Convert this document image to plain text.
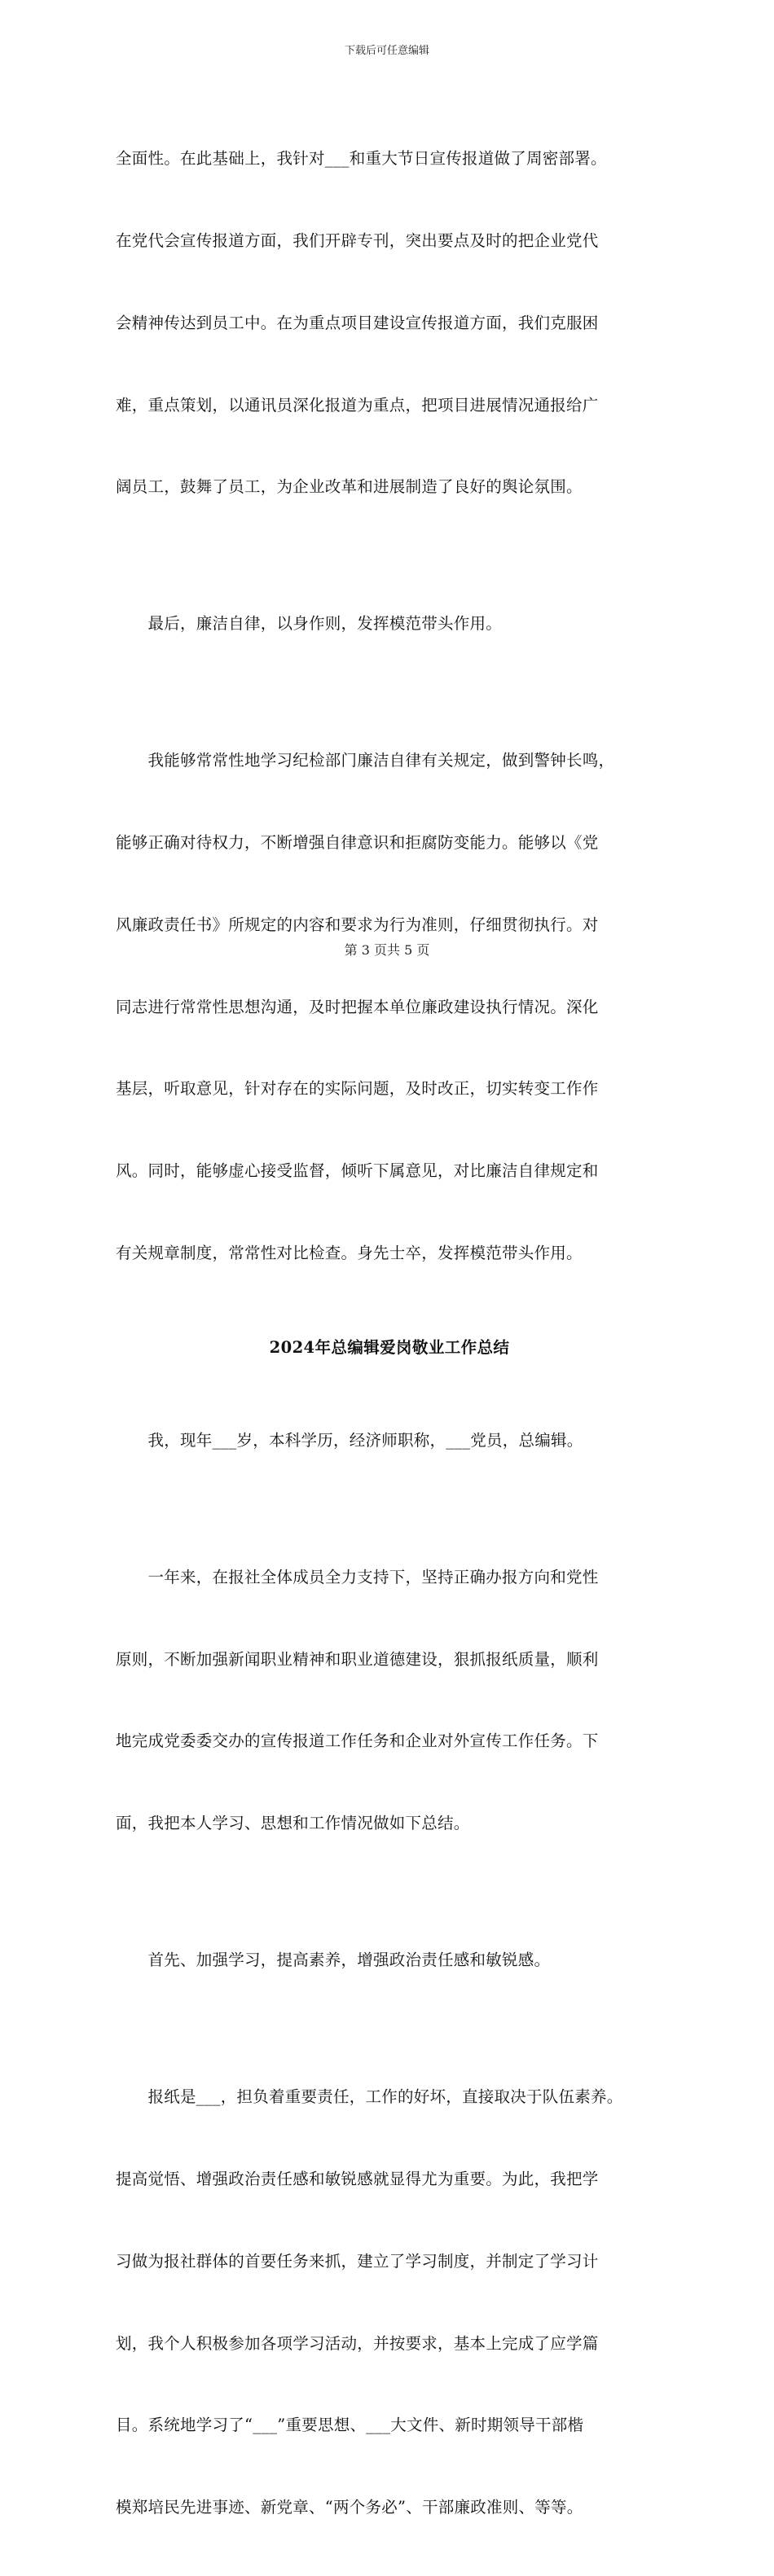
下载后可任意编辑

全面性。在此基础上，我针对___和重大节日宣传报道做了周密部署。

在党代会宣传报道方面，我们开辟专刊，突出要点及时的把企业党代

会精神传达到员工中。在为重点项目建设宣传报道方面，我们克服困

难，重点策划，以通讯员深化报道为重点，把项目进展情况通报给广

阔员工，鼓舞了员工，为企业改革和进展制造了良好的舆论氛围。

　　最后，廉洁自律，以身作则，发挥模范带头作用。

　　我能够常常性地学习纪检部门廉洁自律有关规定，做到警钟长鸣，

能够正确对待权力，不断增强自律意识和拒腐防变能力。能够以《党

风廉政责任书》所规定的内容和要求为行为准则，仔细贯彻执行。对

同志进行常常性思想沟通，及时把握本单位廉政建设执行情况。深化

基层，听取意见，针对存在的实际问题，及时改正，切实转变工作作

风。同时，能够虚心接受监督，倾听下属意见，对比廉洁自律规定和

有关规章制度，常常性对比检查。身先士卒，发挥模范带头作用。

2024年总编辑爱岗敬业工作总结

　　我，现年___岁，本科学历，经济师职称，___党员，总编辑。

　　一年来，在报社全体成员全力支持下，坚持正确办报方向和党性

原则，不断加强新闻职业精神和职业道德建设，狠抓报纸质量，顺利

地完成党委委交办的宣传报道工作任务和企业对外宣传工作任务。下

面，我把本人学习、思想和工作情况做如下总结。

　　首先、加强学习，提高素养，增强政治责任感和敏锐感。

　　报纸是___，担负着重要责任，工作的好坏，直接取决于队伍素养。

提高觉悟、增强政治责任感和敏锐感就显得尤为重要。为此，我把学

习做为报社群体的首要任务来抓，建立了学习制度，并制定了学习计

划，我个人积极参加各项学习活动，并按要求，基本上完成了应学篇

目。系统地学习了“___”重要思想、___大文件、新时期领导干部楷

模郑培民先进事迹、新党章、“两个务必”、干部廉政准则、等等。

第 3 页共 5 页
